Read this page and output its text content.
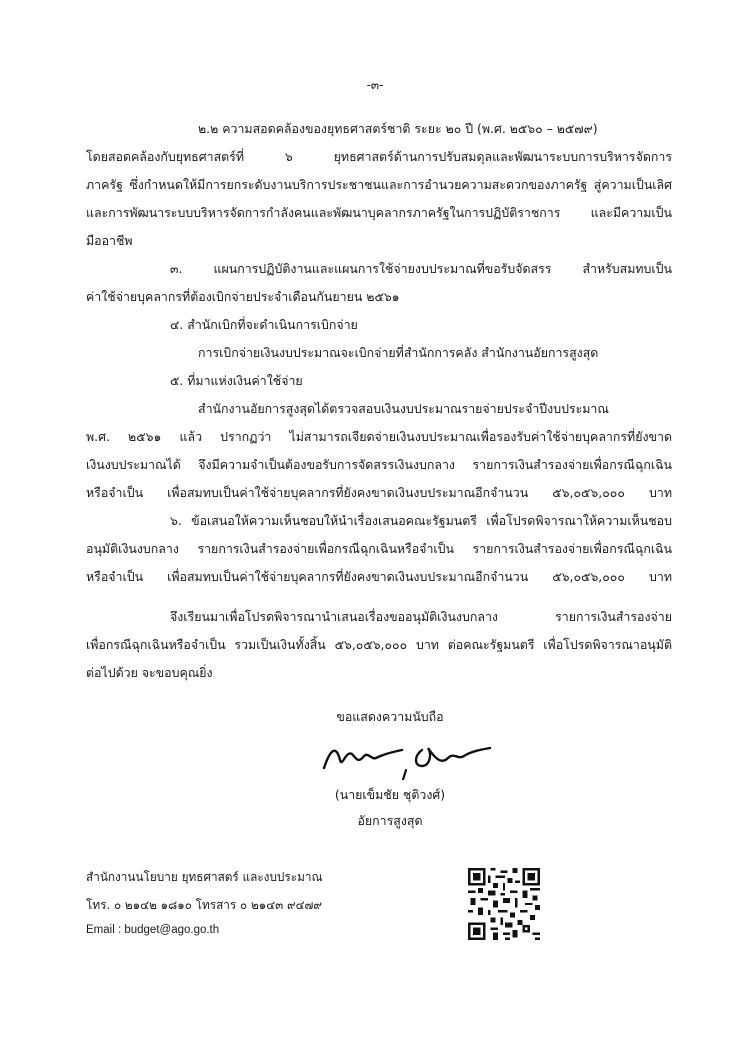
-๓-
๒.๒ ความสอดคล้องของยุทธศาสตร์ชาติ ระยะ ๒๐ ปี (พ.ศ. ๒๕๖๐ – ๒๕๗๙)
โดยสอดคล้องกับยุทธศาสตร์ที่ ๖ ยุทธศาสตร์ด้านการปรับสมดุลและพัฒนาระบบการบริหารจัดการ
ภาครัฐ ซึ่งกำหนดให้มีการยกระดับงานบริการประชาชนและการอำนวยความสะดวกของภาครัฐ สู่ความเป็นเลิศ
และการพัฒนาระบบบริหารจัดการกำลังคนและพัฒนาบุคลากรภาครัฐในการปฏิบัติราชการ และมีความเป็น
มืออาชีพ
๓. แผนการปฏิบัติงานและแผนการใช้จ่ายงบประมาณที่ขอรับจัดสรร สำหรับสมทบเป็น
ค่าใช้จ่ายบุคลากรที่ต้องเบิกจ่ายประจำเดือนกันยายน ๒๕๖๑
๔. สำนักเบิกที่จะดำเนินการเบิกจ่าย
การเบิกจ่ายเงินงบประมาณจะเบิกจ่ายที่สำนักการคลัง สำนักงานอัยการสูงสุด
๕. ที่มาแห่งเงินค่าใช้จ่าย
สำนักงานอัยการสูงสุดได้ตรวจสอบเงินงบประมาณรายจ่ายประจำปีงบประมาณ
พ.ศ. ๒๕๖๑ แล้ว ปรากฏว่า ไม่สามารถเจียดจ่ายเงินงบประมาณเพื่อรองรับค่าใช้จ่ายบุคลากรที่ยังขาด
เงินงบประมาณได้ จึงมีความจำเป็นต้องขอรับการจัดสรรเงินงบกลาง รายการเงินสำรองจ่ายเพื่อกรณีฉุกเฉิน
หรือจำเป็น เพื่อสมทบเป็นค่าใช้จ่ายบุคลากรที่ยังคงขาดเงินงบประมาณอีกจำนวน ๕๖,๐๕๖,๐๐๐ บาท
๖. ข้อเสนอให้ความเห็นชอบให้นำเรื่องเสนอคณะรัฐมนตรี เพื่อโปรดพิจารณาให้ความเห็นชอบ
อนุมัติเงินงบกลาง รายการเงินสำรองจ่ายเพื่อกรณีฉุกเฉินหรือจำเป็น รายการเงินสำรองจ่ายเพื่อกรณีฉุกเฉิน
หรือจำเป็น เพื่อสมทบเป็นค่าใช้จ่ายบุคลากรที่ยังคงขาดเงินงบประมาณอีกจำนวน ๕๖,๐๕๖,๐๐๐ บาท
จึงเรียนมาเพื่อโปรดพิจารณานำเสนอเรื่องขออนุมัติเงินงบกลาง รายการเงินสำรองจ่าย
เพื่อกรณีฉุกเฉินหรือจำเป็น รวมเป็นเงินทั้งสิ้น ๕๖,๐๕๖,๐๐๐ บาท ต่อคณะรัฐมนตรี เพื่อโปรดพิจารณาอนุมัติ
ต่อไปด้วย จะขอบคุณยิ่ง
ขอแสดงความนับถือ
(นายเข็มชัย ชุติวงศ์)
อัยการสูงสุด
สำนักงานนโยบาย ยุทธศาสตร์ และงบประมาณ
โทร. ๐ ๒๑๔๒ ๑๘๑๐ โทรสาร ๐ ๒๑๔๓ ๙๔๗๙
Email : budget@ago.go.th
